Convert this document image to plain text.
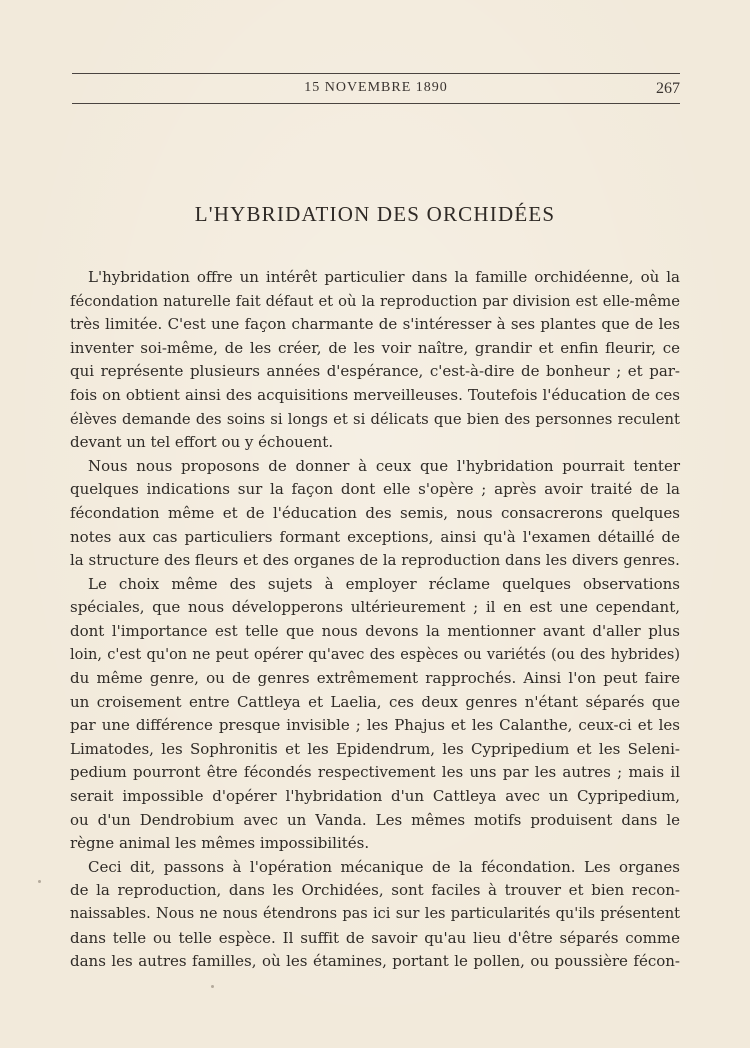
15 NOVEMBRE 1890	267
L'HYBRIDATION DES ORCHIDÉES
L'hybridation offre un intérêt particulier dans la famille orchidéenne, où la
fécondation naturelle fait défaut et où la reproduction par division est elle-même
très limitée. C'est une façon charmante de s'intéresser à ses plantes que de les
inventer soi-même, de les créer, de les voir naître, grandir et enfin fleurir, ce
qui représente plusieurs années d'espérance, c'est-à-dire de bonheur ; et par-
fois on obtient ainsi des acquisitions merveilleuses. Toutefois l'éducation de ces
élèves demande des soins si longs et si délicats que bien des personnes reculent
devant un tel effort ou y échouent.
Nous nous proposons de donner à ceux que l'hybridation pourrait tenter
quelques indications sur la façon dont elle s'opère ; après avoir traité de la
fécondation même et de l'éducation des semis, nous consacrerons quelques
notes aux cas particuliers formant exceptions, ainsi qu'à l'examen détaillé de
la structure des fleurs et des organes de la reproduction dans les divers genres.
Le choix même des sujets à employer réclame quelques observations
spéciales, que nous développerons ultérieurement ; il en est une cependant,
dont l'importance est telle que nous devons la mentionner avant d'aller plus
loin, c'est qu'on ne peut opérer qu'avec des espèces ou variétés (ou des hybrides)
du même genre, ou de genres extrêmement rapprochés. Ainsi l'on peut faire
un croisement entre Cattleya et Laelia, ces deux genres n'étant séparés que
par une différence presque invisible ; les Phajus et les Calanthe, ceux-ci et les
Limatodes, les Sophronitis et les Epidendrum, les Cypripedium et les Seleni-
pedium pourront être fécondés respectivement les uns par les autres ; mais il
serait impossible d'opérer l'hybridation d'un Cattleya avec un Cypripedium,
ou d'un Dendrobium avec un Vanda. Les mêmes motifs produisent dans le
règne animal les mêmes impossibilités.
Ceci dit, passons à l'opération mécanique de la fécondation. Les organes
de la reproduction, dans les Orchidées, sont faciles à trouver et bien recon-
naissables. Nous ne nous étendrons pas ici sur les particularités qu'ils présentent
dans telle ou telle espèce. Il suffit de savoir qu'au lieu d'être séparés comme
dans les autres familles, où les étamines, portant le pollen, ou poussière fécon-
